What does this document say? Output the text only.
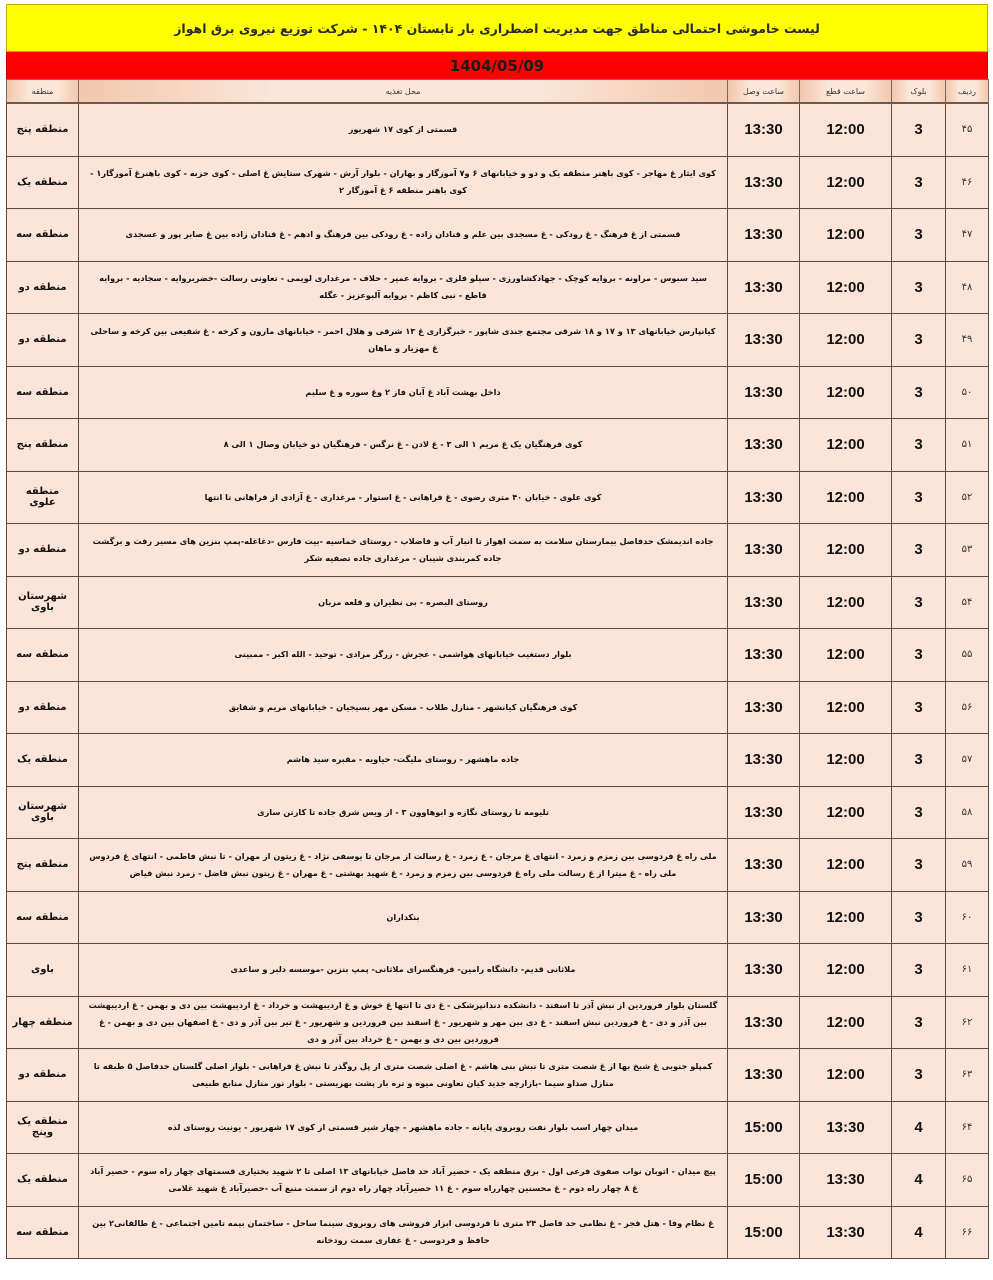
لیست خاموشی احتمالی مناطق جهت مدیریت اضطراری بار تابستان ۱۴۰۴ - شرکت توزیع نیروی برق اهواز
1404/05/09
ردیف	بلوک	ساعت قطع	ساعت وصل	محل تغذیه	منطقه
۴۵	3	12:00	13:30	قسمتی از کوی ۱۷ شهریور	منطقه پنج
۴۶	3	12:00	13:30	کوی ایثار غ مهاجر - کوی باهنر منطقه یک و دو و خیابانهای ۶ و۷ آموزگار و بهاران - بلوار آرش - شهرک ستایش غ اصلی - کوی حزبه - کوی باهنرغ آموزگار۱ - کوی باهنر منطقه ۶ غ آموزگار ۲	منطقه یک
۴۷	3	12:00	13:30	قسمتی از غ فرهنگ - غ رودکی - غ مسجدی بین علم و قنادان زاده - غ رودکی بین فرهنگ و ادهم - غ قنادان زاده بین غ صابر پور و عسجدی	منطقه سه
۴۸	3	12:00	13:30	سید سبوس - مراونه - بروایه کوچک - جهادکشاورزی - سیلو فلزی - بروایه عمیر - حلاف - مرغداری لویمی - تعاونی رسالت -خضربروایه - سجادیه - بروایه قاطع - نبی کاظم - بروایه آلبوعزیز - عگله	منطقه دو
۴۹	3	12:00	13:30	کیانپارس خیابانهای ۱۳ و ۱۷ و ۱۸ شرقی مجتمع جندی شاپور - خبرگزاری غ ۱۳ شرقی و هلال احمر - خیابانهای مارون و کرخه - غ شفیعی بین کرخه و ساحلی غ مهزیار و ماهان	منطقه دو
۵۰	3	12:00	13:30	داخل بهشت آباد غ آبان فاز ۲ وغ سوره و غ سلیم	منطقه سه
۵۱	3	12:00	13:30	کوی فرهنگیان یک غ مریم ۱ الی ۳ - غ لادن - غ نرگس - فرهنگیان دو خیابان وصال ۱ الی ۸	منطقه پنج
۵۲	3	12:00	13:30	کوی علوی - خیابان ۴۰ متری رضوی - غ فراهانی - غ استوار - مرغداری - غ آزادی از فراهانی تا انتها	منطقه علوی
۵۳	3	12:00	13:30	جاده اندیمشک حدفاصل بیمارستان سلامت به سمت اهواز تا انبار آب و فاضلاب - روستای خماسیه -بیت فارس -دغاغله-پمپ بنزین های مسیر رفت و برگشت جاده کمربندی شیبان - مرغداری جاده تصفیه شکر	منطقه دو
۵۴	3	12:00	13:30	روستای البصره - بی نظیران و قلعه مزبان	شهرستان باوی
۵۵	3	12:00	13:30	بلوار دستغیب خیابانهای هواشمی - عجرش - زرگر مرادی - توحید - الله اکبر - ممبینی	منطقه سه
۵۶	3	12:00	13:30	کوی فرهنگیان کیانشهر - منازل طلاب - مسکن مهر بسیجیان - خیابانهای مریم و شقایق	منطقه دو
۵۷	3	12:00	13:30	جاده ماهشهر - روستای ملیگت- حیاویه - مقبره سید هاشم	منطقه یک
۵۸	3	12:00	13:30	تلیومه تا روستای نگازه و ابوهاوون ۳ - از ویس شرق جاده تا کارتن سازی	شهرستان باوی
۵۹	3	12:00	13:30	ملی راه غ فردوسی بین زمزم و زمرد - انتهای غ مرجان - غ زمرد - غ رسالت از مرجان تا یوسفی نژاد - غ زیتون از مهران - تا نبش فاطمی - انتهای غ فردوس ملی راه - غ میترا از غ رسالت ملی راه غ فردوسی بین زمزم و زمرد - غ شهید بهشتی - غ مهران - غ زیتون نبش فاضل - زمرد نبش فیاض	منطقه پنج
۶۰	3	12:00	13:30	بنکداران	منطقه سه
۶۱	3	12:00	13:30	ملاثانی قدیم- دانشگاه رامین- فرهنگسرای ملاثانی- پمپ بنزین -موسسه دلبر و ساعدی	باوی
۶۲	3	12:00	13:30	گلستان بلوار فروردین از نبش آذر تا اسفند - دانشکده دندانپزشکی - غ دی تا انتها غ خوش و غ اردیبهشت و خرداد - غ اردیبهشت بین دی و بهمن - غ اردیبهشت بین آذر و دی - غ فروردین نبش اسفند - غ دی بین مهر و شهریور - غ اسفند بین فروردین و شهریور - غ تیر بین آذر و دی - غ اصفهان بین دی و بهمن - غ فروردین بین دی و بهمن - غ خرداد بین آذر و دی	منطقه چهار
۶۳	3	12:00	13:30	کمپلو جنوبی غ شیخ بها از غ شصت متری تا نبش بنی هاشم - غ اصلی شصت متری از پل روگذر تا نبش غ فراهانی - بلوار اصلی گلستان حدفاصل ۵ طبقه تا منازل صداو سیما -بازارچه جدید کیان تعاونی میوه و تره بار پشت بهزیستی - بلوار نور منازل منابع طبیعی	منطقه دو
۶۴	4	13:30	15:00	میدان چهار اسب بلوار نفت روبروی پایانه - جاده ماهشهر - چهار شیر قسمتی از کوی ۱۷ شهریور - یونیت روستای لذه	منطقه یک وپنج
۶۵	4	13:30	15:00	پیچ میدان - اتوبان نواب صفوی فرعی اول - برق منطقه یک - حصیر آباد حد فاصل خیابانهای ۱۳ اصلی تا ۲ شهید بختیاری قسمتهای چهار راه سوم - حصیر آباد غ ۸ چهار راه دوم - غ محسنین چهارراه سوم - غ ۱۱ حصیرآباد چهار راه دوم از سمت منبع آب -حصیرآباد غ شهید غلامی	منطقه یک
۶۶	4	13:30	15:00	غ نظام وفا - هتل فجر - غ نظامی حد فاصل ۲۴ متری تا فردوسی ابزار فروشی های روبروی سینما ساحل - ساختمان بیمه تامین اجتماعی - غ طالقانی۲ بین حافظ و فردوسی - غ غفاری سمت رودخانه	منطقه سه
